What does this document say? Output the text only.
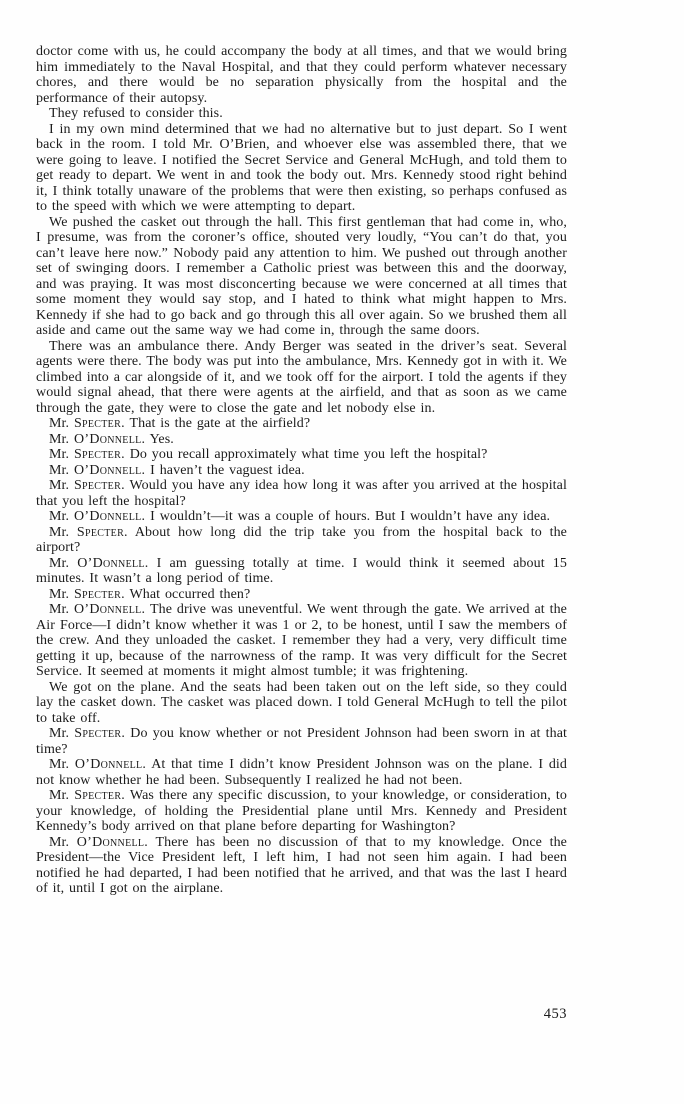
doctor come with us, he could accompany the body at all times, and that we would bring him immediately to the Naval Hospital, and that they could perform whatever necessary chores, and there would be no separation physically from the hospital and the performance of their autopsy.

They refused to consider this.

I in my own mind determined that we had no alternative but to just depart. So I went back in the room. I told Mr. O’Brien, and whoever else was assembled there, that we were going to leave. I notified the Secret Service and General McHugh, and told them to get ready to depart. We went in and took the body out. Mrs. Kennedy stood right behind it, I think totally unaware of the problems that were then existing, so perhaps confused as to the speed with which we were attempting to depart.

We pushed the casket out through the hall. This first gentleman that had come in, who, I presume, was from the coroner’s office, shouted very loudly, “You can’t do that, you can’t leave here now.” Nobody paid any attention to him. We pushed out through another set of swinging doors. I remember a Catholic priest was between this and the doorway, and was praying. It was most disconcerting because we were concerned at all times that some moment they would say stop, and I hated to think what might happen to Mrs. Kennedy if she had to go back and go through this all over again. So we brushed them all aside and came out the same way we had come in, through the same doors.

There was an ambulance there. Andy Berger was seated in the driver’s seat. Several agents were there. The body was put into the ambulance, Mrs. Kennedy got in with it. We climbed into a car alongside of it, and we took off for the airport. I told the agents if they would signal ahead, that there were agents at the airfield, and that as soon as we came through the gate, they were to close the gate and let nobody else in.

Mr. Specter. That is the gate at the airfield?

Mr. O’Donnell. Yes.

Mr. Specter. Do you recall approximately what time you left the hospital?

Mr. O’Donnell. I haven’t the vaguest idea.

Mr. Specter. Would you have any idea how long it was after you arrived at the hospital that you left the hospital?

Mr. O’Donnell. I wouldn’t—it was a couple of hours. But I wouldn’t have any idea.

Mr. Specter. About how long did the trip take you from the hospital back to the airport?

Mr. O’Donnell. I am guessing totally at time. I would think it seemed about 15 minutes. It wasn’t a long period of time.

Mr. Specter. What occurred then?

Mr. O’Donnell. The drive was uneventful. We went through the gate. We arrived at the Air Force—I didn’t know whether it was 1 or 2, to be honest, until I saw the members of the crew. And they unloaded the casket. I remember they had a very, very difficult time getting it up, because of the narrowness of the ramp. It was very difficult for the Secret Service. It seemed at moments it might almost tumble; it was frightening.

We got on the plane. And the seats had been taken out on the left side, so they could lay the casket down. The casket was placed down. I told General McHugh to tell the pilot to take off.

Mr. Specter. Do you know whether or not President Johnson had been sworn in at that time?

Mr. O’Donnell. At that time I didn’t know President Johnson was on the plane. I did not know whether he had been. Subsequently I realized he had not been.

Mr. Specter. Was there any specific discussion, to your knowledge, or consideration, to your knowledge, of holding the Presidential plane until Mrs. Kennedy and President Kennedy’s body arrived on that plane before departing for Washington?

Mr. O’Donnell. There has been no discussion of that to my knowledge. Once the President—the Vice President left, I left him, I had not seen him again. I had been notified he had departed, I had been notified that he arrived, and that was the last I heard of it, until I got on the airplane.

453
